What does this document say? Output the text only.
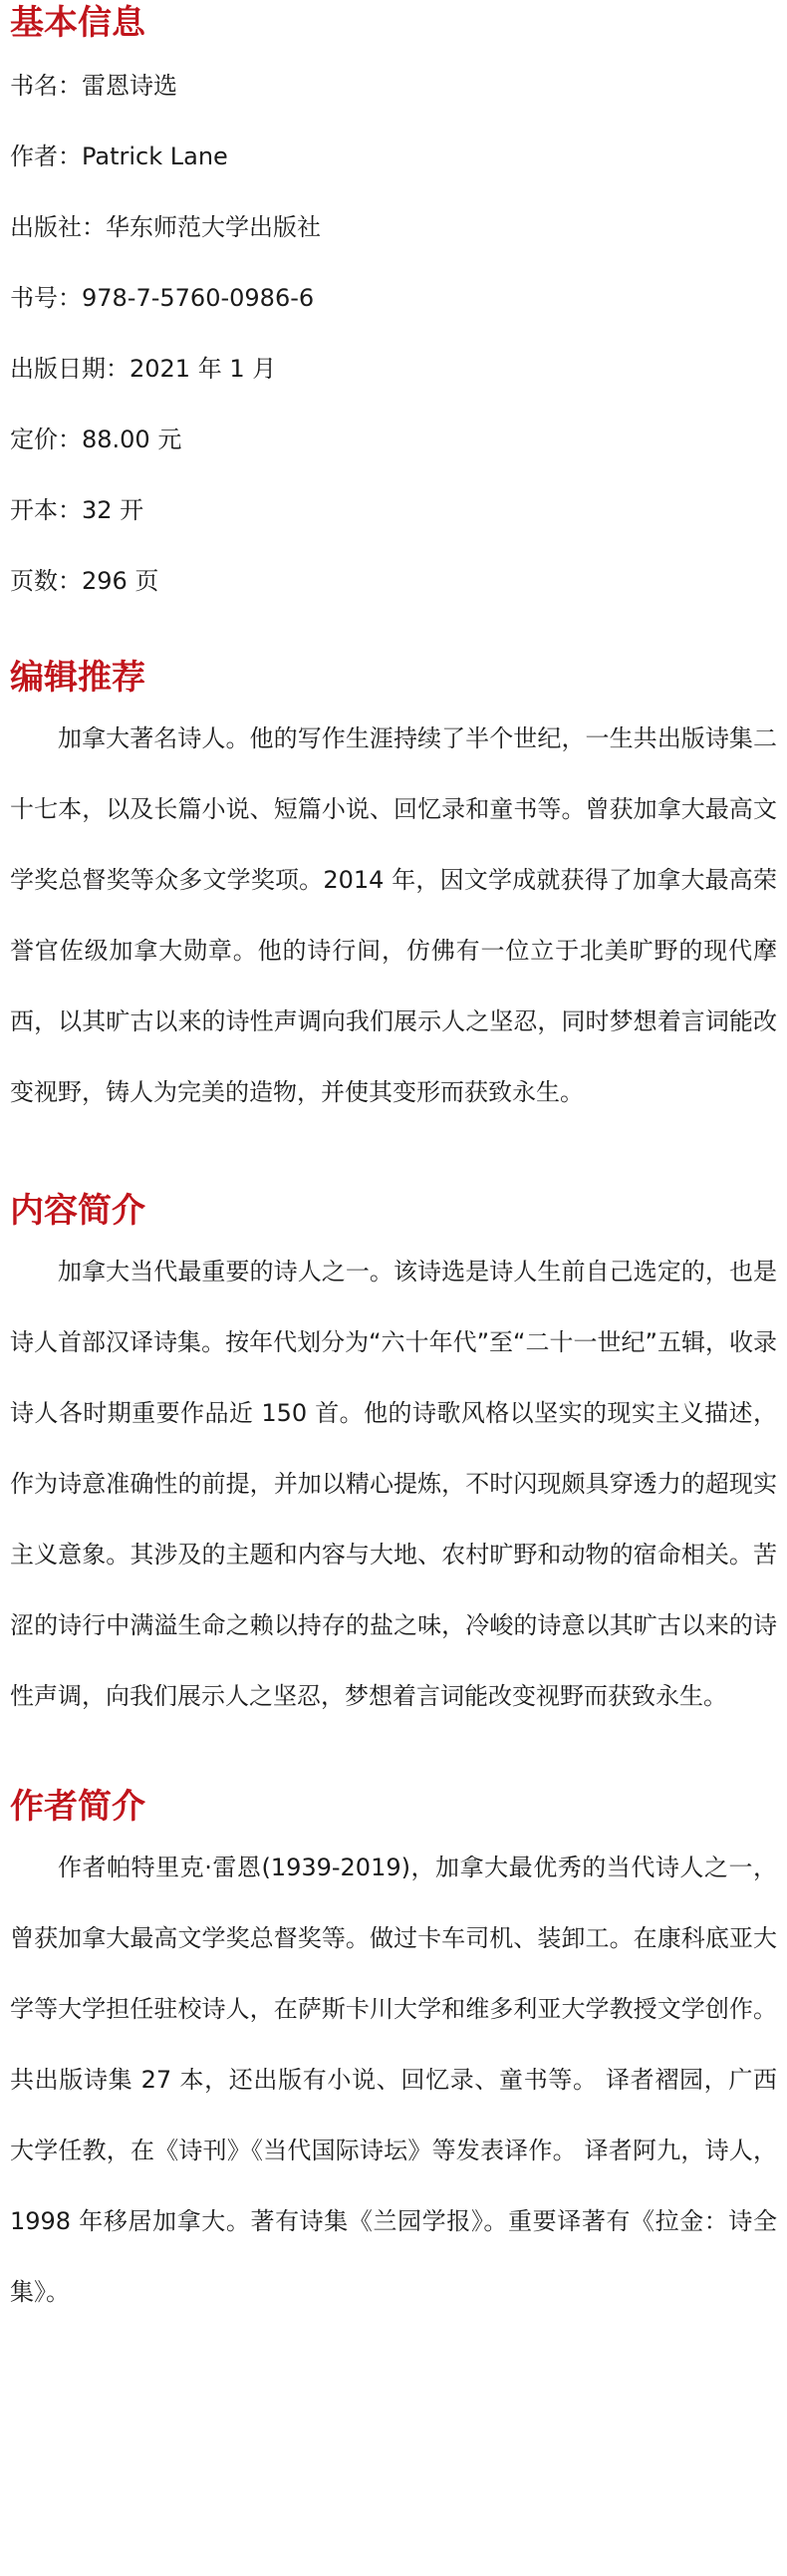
基本信息
书名：雷恩诗选
作者：Patrick Lane
出版社：华东师范大学出版社
书号：978-7-5760-0986-6
出版日期：2021 年 1 月
定价：88.00 元
开本：32 开
页数：296 页
编辑推荐

加拿大著名诗人。他的写作生涯持续了半个世纪，一生共出版诗集二十七本，以及长篇小说、短篇小说、回忆录和童书等。曾获加拿大最高文学奖总督奖等众多文学奖项。2014 年，因文学成就获得了加拿大最高荣誉官佐级加拿大勋章。他的诗行间，仿佛有一位立于北美旷野的现代摩西，以其旷古以来的诗性声调向我们展示人之坚忍，同时梦想着言词能改变视野，铸人为完美的造物，并使其变形而获致永生。

内容简介

加拿大当代最重要的诗人之一。该诗选是诗人生前自己选定的，也是诗人首部汉译诗集。按年代划分为“六十年代”至“二十一世纪”五辑，收录诗人各时期重要作品近 150 首。他的诗歌风格以坚实的现实主义描述，作为诗意准确性的前提，并加以精心提炼，不时闪现颇具穿透力的超现实主义意象。其涉及的主题和内容与大地、农村旷野和动物的宿命相关。苦涩的诗行中满溢生命之赖以持存的盐之味，冷峻的诗意以其旷古以来的诗性声调，向我们展示人之坚忍，梦想着言词能改变视野而获致永生。

作者简介

作者帕特里克·雷恩(1939-2019)，加拿大最优秀的当代诗人之一，曾获加拿大最高文学奖总督奖等。做过卡车司机、装卸工。在康科底亚大学等大学担任驻校诗人，在萨斯卡川大学和维多利亚大学教授文学创作。共出版诗集 27 本，还出版有小说、回忆录、童书等。 译者褶园，广西大学任教，在《诗刊》《当代国际诗坛》等发表译作。 译者阿九，诗人， 1998 年移居加拿大。著有诗集《兰园学报》。重要译著有《拉金：诗全集》。
